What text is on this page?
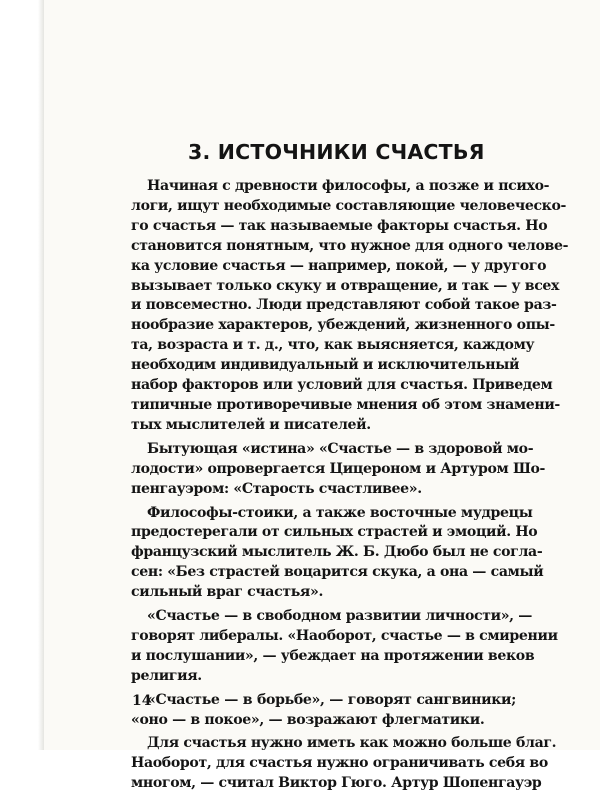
3. ИСТОЧНИКИ СЧАСТЬЯ
Начиная с древности философы, а позже и психо-
логи, ищут необходимые составляющие человеческо-
го счастья — так называемые факторы счастья. Но
становится понятным, что нужное для одного челове-
ка условие счастья — например, покой, — у другого
вызывает только скуку и отвращение, и так — у всех
и повсеместно. Люди представляют собой такое раз-
нообразие характеров, убеждений, жизненного опы-
та, возраста и т. д., что, как выясняется, каждому
необходим индивидуальный и исключительный
набор факторов или условий для счастья. Приведем
типичные противоречивые мнения об этом знамени-
тых мыслителей и писателей.
Бытующая «истина» «Счастье — в здоровой мо-
лодости» опровергается Цицероном и Артуром Шо-
пенгауэром: «Старость счастливее».
Философы-стоики, а также восточные мудрецы
предостерегали от сильных страстей и эмоций. Но
французский мыслитель Ж. Б. Дюбо был не согла-
сен: «Без страстей воцарится скука, а она — самый
сильный враг счастья».
«Счастье — в свободном развитии личности», —
говорят либералы. «Наоборот, счастье — в смирении
и послушании», — убеждает на протяжении веков
религия.
«Счастье — в борьбе», — говорят сангвиники;
«оно — в покое», — возражают флегматики.
Для счастья нужно иметь как можно больше благ.
Наоборот, для счастья нужно ограничивать себя во
многом, — считал Виктор Гюго. Артур Шопенгауэр
14
